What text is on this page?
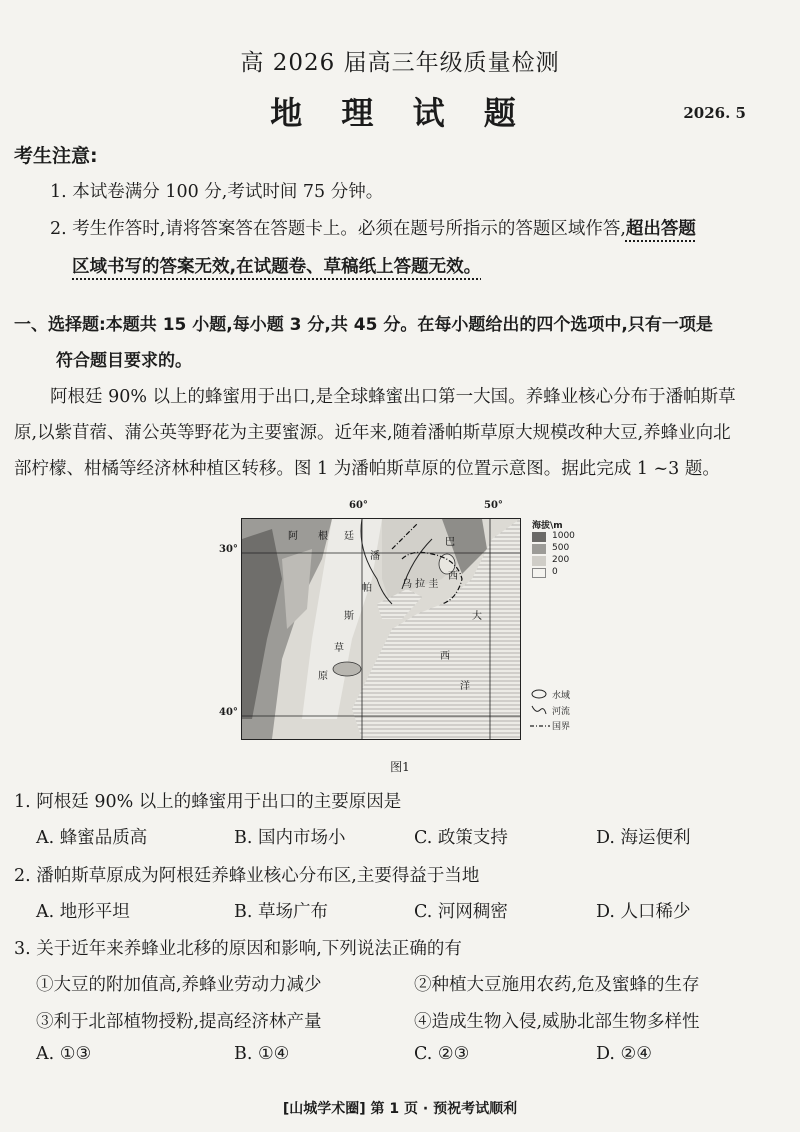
高 2026 届高三年级质量检测
地 理 试 题	2026. 5
考生注意:
1. 本试卷满分 100 分,考试时间 75 分钟。
2. 考生作答时,请将答案答在答题卡上。必须在题号所指示的答题区域作答,超出答题
区域书写的答案无效,在试题卷、草稿纸上答题无效。
一、选择题:本题共 15 小题,每小题 3 分,共 45 分。在每小题给出的四个选项中,只有一项是
符合题目要求的。
阿根廷 90% 以上的蜂蜜用于出口,是全球蜂蜜出口第一大国。养蜂业核心分布于潘帕斯草
原,以紫苜蓿、蒲公英等野花为主要蜜源。近年来,随着潘帕斯草原大规模改种大豆,养蜂业向北
部柠檬、柑橘等经济林种植区转移。图 1 为潘帕斯草原的位置示意图。据此完成 1 ~3 题。
60°	50°
30°
40°
阿 根 廷
潘
帕
斯
草
原
乌 拉 圭
巴
西
大
西
洋
海拔\m
1000
500
200
0
水域
河流
国界
图1
1. 阿根廷 90% 以上的蜂蜜用于出口的主要原因是
A. 蜂蜜品质高	B. 国内市场小	C. 政策支持	D. 海运便利
2. 潘帕斯草原成为阿根廷养蜂业核心分布区,主要得益于当地
A. 地形平坦	B. 草场广布	C. 河网稠密	D. 人口稀少
3. 关于近年来养蜂业北移的原因和影响,下列说法正确的有
①大豆的附加值高,养蜂业劳动力减少	②种植大豆施用农药,危及蜜蜂的生存
③利于北部植物授粉,提高经济林产量	④造成生物入侵,威胁北部生物多样性
A. ①③	B. ①④	C. ②③	D. ②④
[山城学术圈] 第 1 页 · 预祝考试顺利
